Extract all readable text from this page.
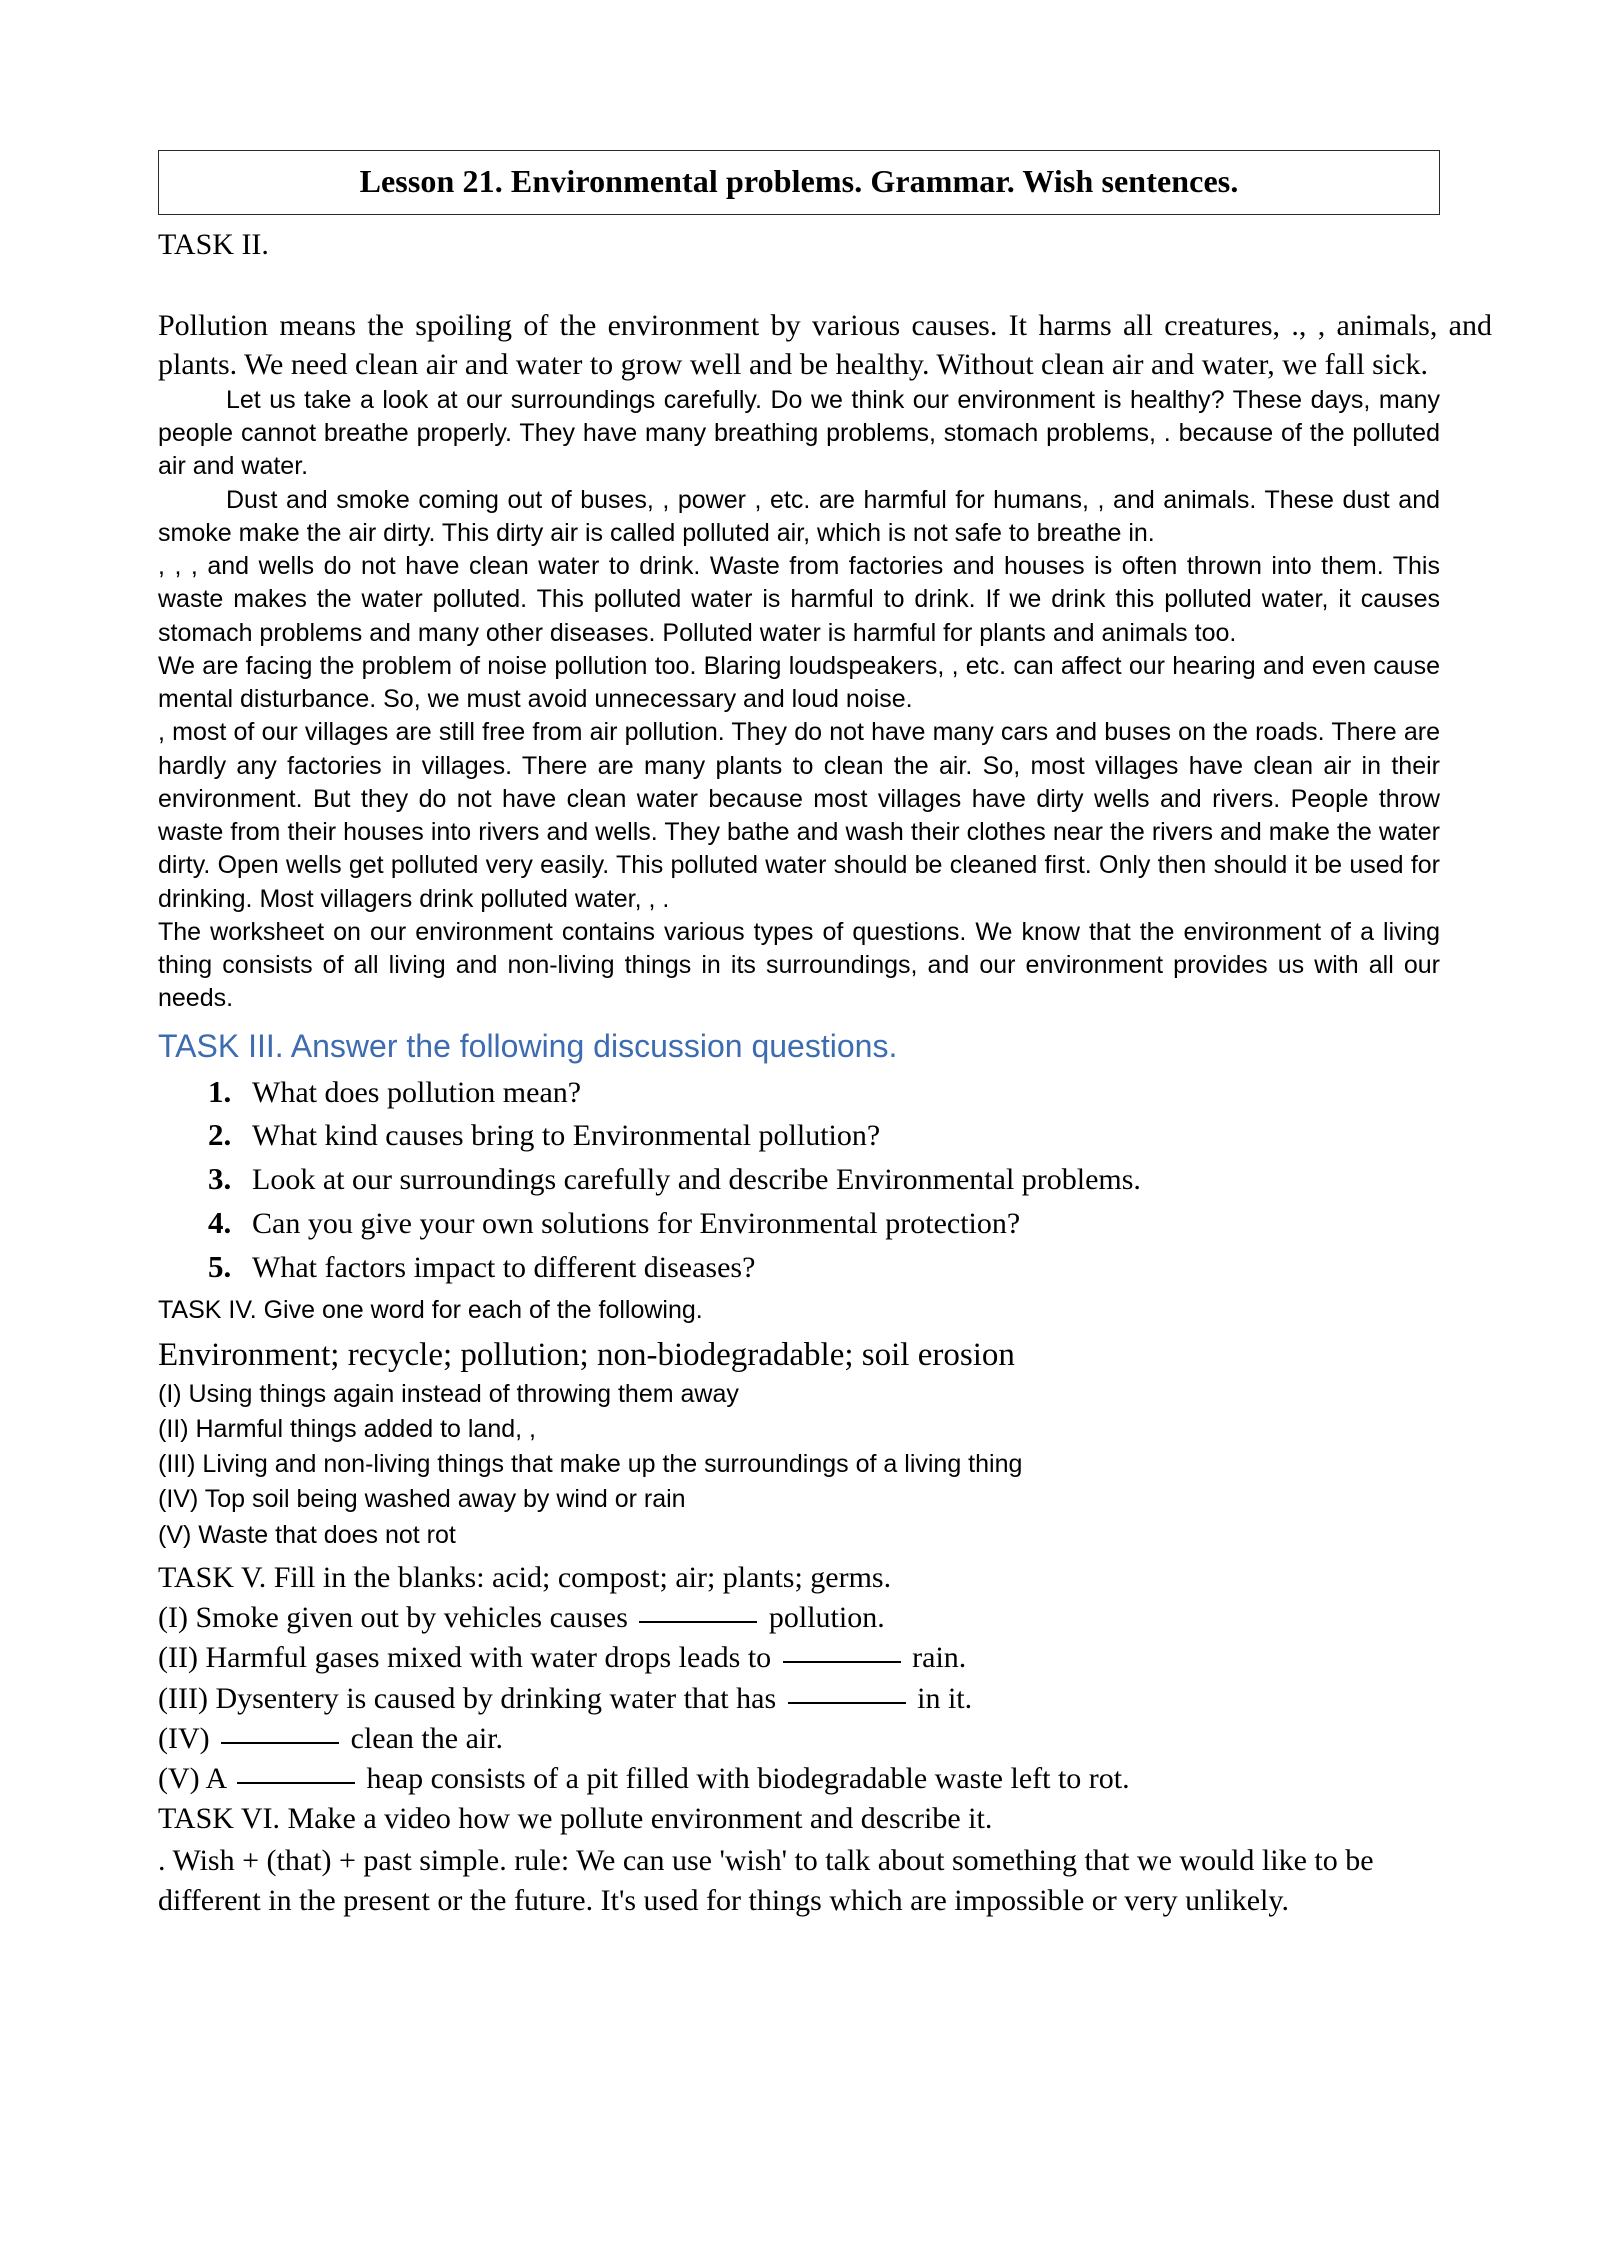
Lesson 21. Environmental problems. Grammar. Wish sentences.
TASK II.
Pollution means the spoiling of the environment by various causes. It harms all creatures, ., , animals, and plants. We need clean air and water to grow well and be healthy. Without clean air and water, we fall sick.
Let us take a look at our surroundings carefully. Do we think our environment is healthy? These days, many people cannot breathe properly. They have many breathing problems, stomach problems, . because of the polluted air and water.
Dust and smoke coming out of buses, , power , etc. are harmful for humans, , and animals. These dust and smoke make the air dirty. This dirty air is called polluted air, which is not safe to breathe in.
, , , and wells do not have clean water to drink. Waste from factories and houses is often thrown into them. This waste makes the water polluted. This polluted water is harmful to drink. If we drink this polluted water, it causes stomach problems and many other diseases. Polluted water is harmful for plants and animals too.
We are facing the problem of noise pollution too. Blaring loudspeakers, , etc. can affect our hearing and even cause mental disturbance. So, we must avoid unnecessary and loud noise.
, most of our villages are still free from air pollution. They do not have many cars and buses on the roads. There are hardly any factories in villages. There are many plants to clean the air. So, most villages have clean air in their environment. But they do not have clean water because most villages have dirty wells and rivers. People throw waste from their houses into rivers and wells. They bathe and wash their clothes near the rivers and make the water dirty. Open wells get polluted very easily. This polluted water should be cleaned first. Only then should it be used for drinking. Most villagers drink polluted water, , .
The worksheet on our environment contains various types of questions. We know that the environment of a living thing consists of all living and non-living things in its surroundings, and our environment provides us with all our needs.
TASK III. Answer the following discussion questions.
1. What does pollution mean?
2. What kind causes bring to Environmental pollution?
3. Look at our surroundings carefully and describe Environmental problems.
4. Can you give your own solutions for Environmental protection?
5. What factors impact to different diseases?
TASK IV. Give one word for each of the following.
Environment; recycle; pollution; non-biodegradable; soil erosion
(I) Using things again instead of throwing them away
(II) Harmful things added to land, ,
(III) Living and non-living things that make up the surroundings of a living thing
(IV) Top soil being washed away by wind or rain
(V) Waste that does not rot
TASK V. Fill in the blanks: acid; compost; air; plants; germs.
(I) Smoke given out by vehicles causes	pollution.
(II) Harmful gases mixed with water drops leads to	rain.
(III) Dysentery is caused by drinking water that has	in it.
(IV)	clean the air.
(V) A	heap consists of a pit filled with biodegradable waste left to rot.
TASK VI. Make a video how we pollute environment and describe it.
. Wish + (that) + past simple. rule: We can use 'wish' to talk about something that we would like to be different in the present or the future. It's used for things which are impossible or very unlikely.
